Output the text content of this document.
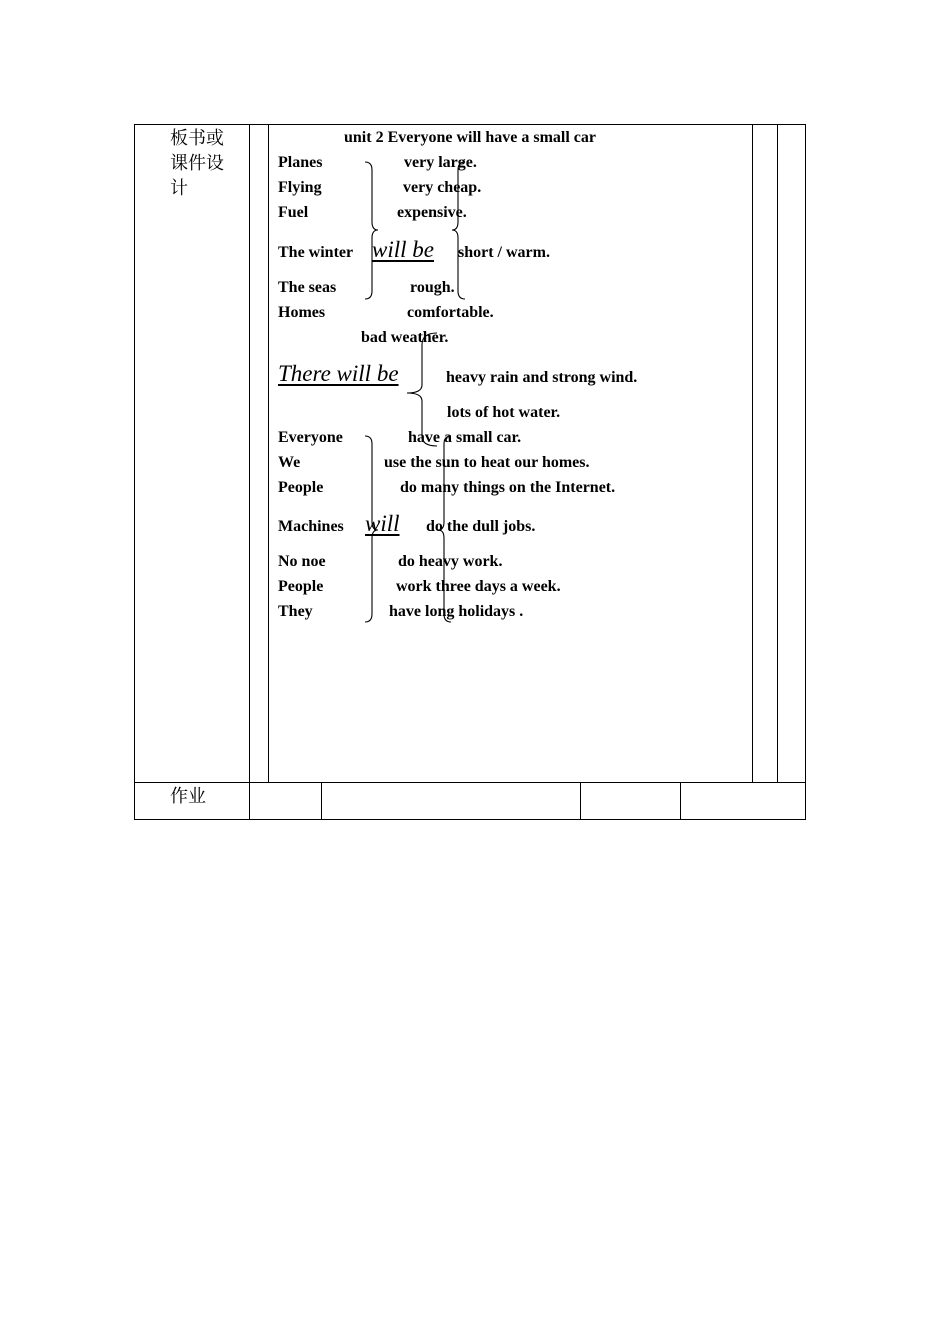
板书或
课件设
计
作业
unit 2 Everyone will have a small car
Planes
Flying
Fuel
The winter
The seas
Homes
will be
very large.
very cheap.
expensive.
short / warm.
rough.
comfortable.
bad weather.
There will be	heavy rain and strong wind.
lots of hot water.
Everyone
We
People
Machines
No noe
People
They
will
have a small car.
use the sun to heat our homes.
do many things on the Internet.
do the dull jobs.
do heavy work.
work three days a week.
have long holidays .
